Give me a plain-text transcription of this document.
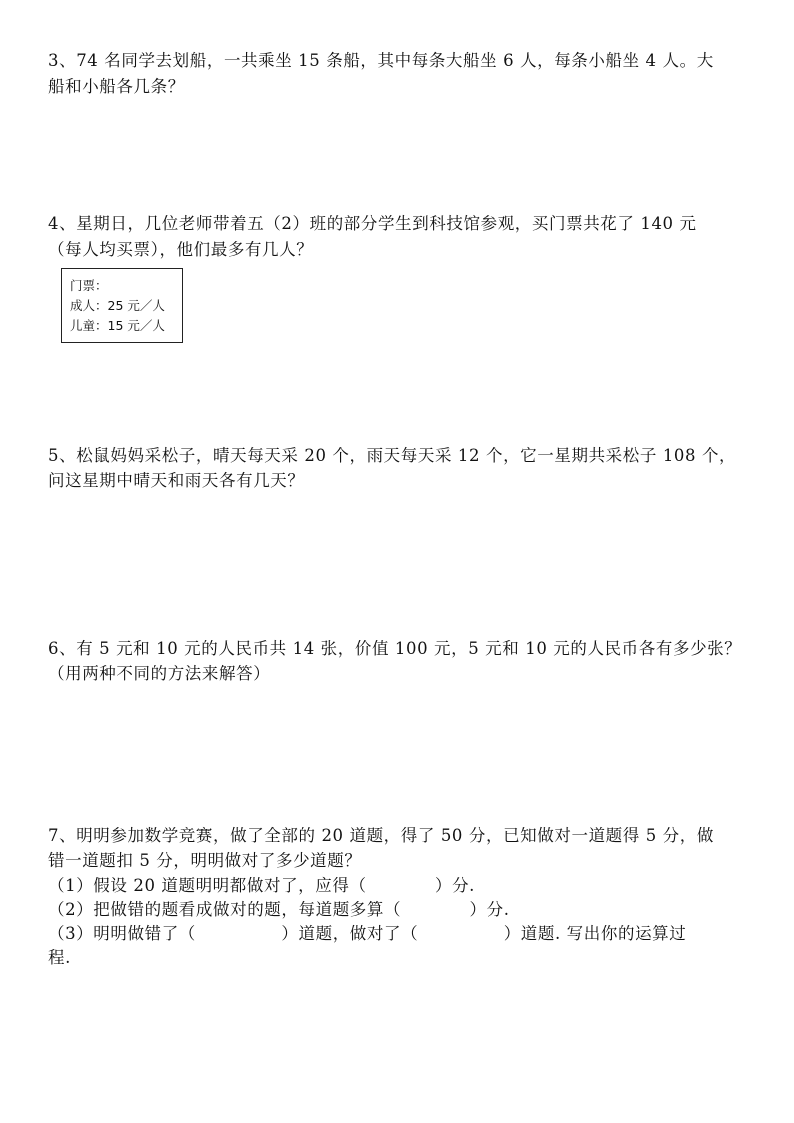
3、74 名同学去划船，一共乘坐 15 条船，其中每条大船坐 6 人，每条小船坐 4 人。大
船和小船各几条？
4、星期日，几位老师带着五（2）班的部分学生到科技馆参观，买门票共花了 140 元
（每人均买票），他们最多有几人？
门票：
成人：25 元／人
儿童：15 元／人
5、松鼠妈妈采松子，晴天每天采 20 个，雨天每天采 12 个，它一星期共采松子 108 个，
问这星期中晴天和雨天各有几天？
6、有 5 元和 10 元的人民币共 14 张，价值 100 元，5 元和 10 元的人民币各有多少张？
（用两种不同的方法来解答）
7、明明参加数学竞赛，做了全部的 20 道题，得了 50 分，已知做对一道题得 5 分，做
错一道题扣 5 分，明明做对了多少道题？
（1）假设 20 道题明明都做对了，应得（　　　　）分.
（2）把做错的题看成做对的题，每道题多算（　　　　）分.
（3）明明做错了（　　　　　）道题，做对了（　　　　　）道题. 写出你的运算过
程.
